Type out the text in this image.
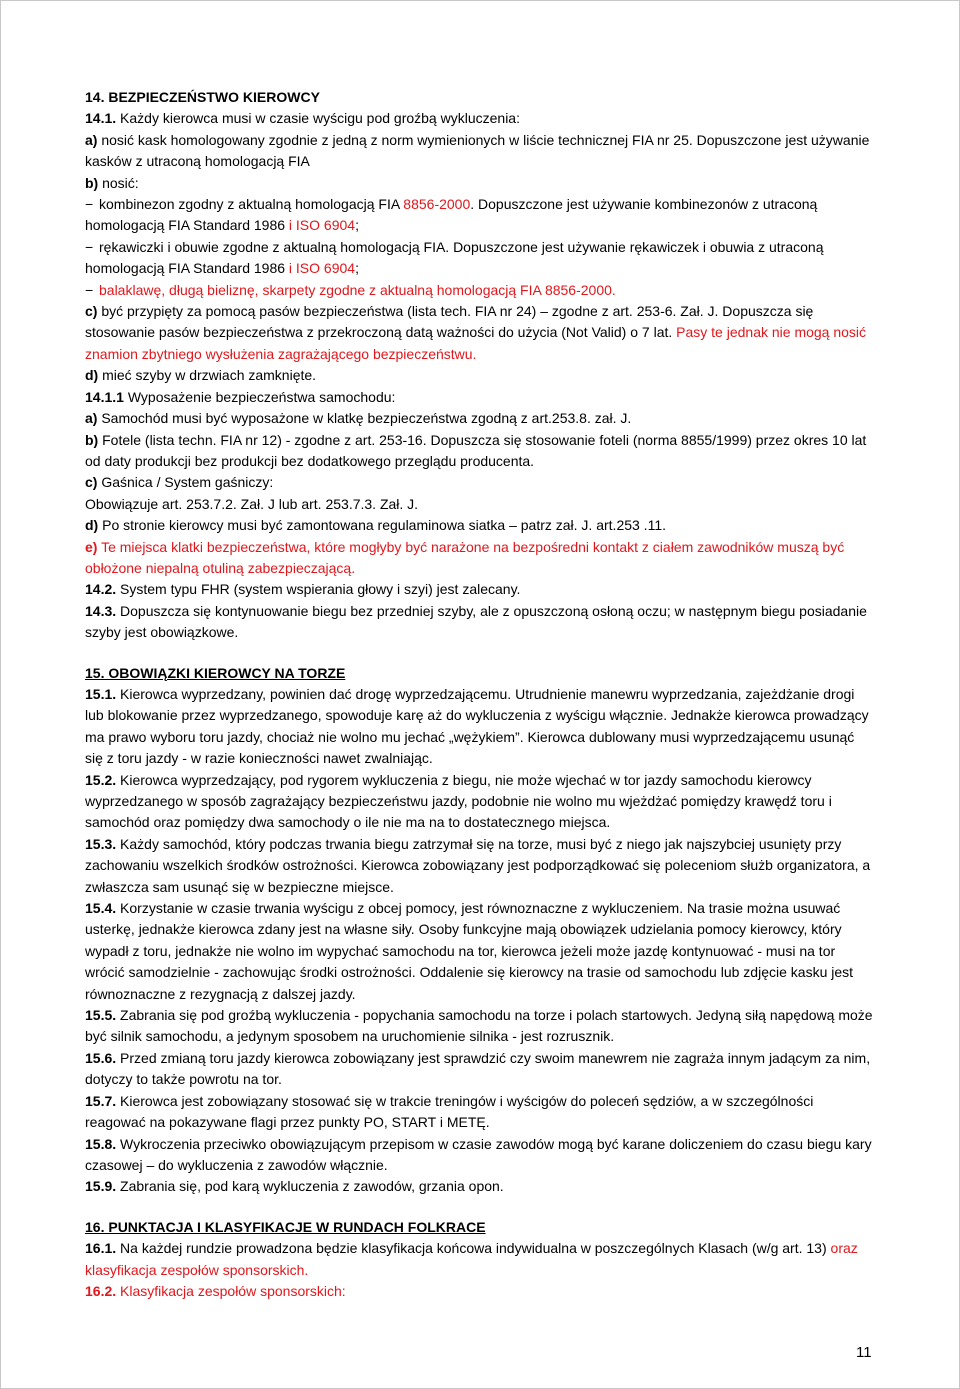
14. BEZPIECZEŃSTWO KIEROWCY

14.1. Każdy kierowca musi w czasie wyścigu pod groźbą wykluczenia:

a) nosić kask homologowany zgodnie z jedną z norm wymienionych w liście technicznej FIA nr 25. Dopuszczone jest używanie kasków z utraconą homologacją FIA

b) nosić:

− kombinezon zgodny z aktualną homologacją FIA 8856-2000. Dopuszczone jest używanie kombinezonów z utraconą homologacją FIA Standard 1986 i ISO 6904;

− rękawiczki i obuwie zgodne z aktualną homologacją FIA. Dopuszczone jest używanie rękawiczek i obuwia z utraconą homologacją FIA Standard 1986 i ISO 6904;

− balaklawę, długą bieliznę, skarpety zgodne z aktualną homologacją FIA 8856-2000.

c) być przypięty za pomocą pasów bezpieczeństwa (lista tech. FIA nr 24) – zgodne z art. 253-6. Zał. J. Dopuszcza się stosowanie pasów bezpieczeństwa z przekroczoną datą ważności do użycia (Not Valid) o 7 lat. Pasy te jednak nie mogą nosić znamion zbytniego wysłużenia zagrażającego bezpieczeństwu.

d) mieć szyby w drzwiach zamknięte.

14.1.1 Wyposażenie bezpieczeństwa samochodu:

a) Samochód musi być wyposażone w klatkę bezpieczeństwa zgodną z art.253.8. zał. J.

b) Fotele (lista techn. FIA nr 12) - zgodne z art. 253-16. Dopuszcza się stosowanie foteli (norma 8855/1999) przez okres 10 lat od daty produkcji bez produkcji bez dodatkowego przeglądu producenta.

c) Gaśnica / System gaśniczy:

Obowiązuje art. 253.7.2. Zał. J lub art. 253.7.3. Zał. J.

d) Po stronie kierowcy musi być zamontowana regulaminowa siatka – patrz zał. J. art.253 .11.

e) Te miejsca klatki bezpieczeństwa, które mogłyby być narażone na bezpośredni kontakt z ciałem zawodników muszą być obłożone niepalną otuliną zabezpieczającą.

14.2. System typu FHR (system wspierania głowy i szyi) jest zalecany.

14.3. Dopuszcza się kontynuowanie biegu bez przedniej szyby, ale z opuszczoną osłoną oczu; w następnym biegu posiadanie szyby jest obowiązkowe.

15. OBOWIĄZKI KIEROWCY NA TORZE

15.1. Kierowca wyprzedzany, powinien dać drogę wyprzedzającemu. Utrudnienie manewru wyprzedzania, zajeżdżanie drogi lub blokowanie przez wyprzedzanego, spowoduje karę aż do wykluczenia z wyścigu włącznie. Jednakże kierowca prowadzący ma prawo wyboru toru jazdy, chociaż nie wolno mu jechać „wężykiem”. Kierowca dublowany musi wyprzedzającemu usunąć się z toru jazdy - w razie konieczności nawet zwalniając.

15.2. Kierowca wyprzedzający, pod rygorem wykluczenia z biegu, nie może wjechać w tor jazdy samochodu kierowcy wyprzedzanego w sposób zagrażający bezpieczeństwu jazdy, podobnie nie wolno mu wjeżdżać pomiędzy krawędź toru i samochód oraz pomiędzy dwa samochody o ile nie ma na to dostatecznego miejsca.

15.3. Każdy samochód, który podczas trwania biegu zatrzymał się na torze, musi być z niego jak najszybciej usunięty przy zachowaniu wszelkich środków ostrożności. Kierowca zobowiązany jest podporządkować się poleceniom służb organizatora, a zwłaszcza sam usunąć się w bezpieczne miejsce.

15.4. Korzystanie w czasie trwania wyścigu z obcej pomocy, jest równoznaczne z wykluczeniem. Na trasie można usuwać usterkę, jednakże kierowca zdany jest na własne siły. Osoby funkcyjne mają obowiązek udzielania pomocy kierowcy, który wypadł z toru, jednakże nie wolno im wypychać samochodu na tor, kierowca jeżeli może jazdę kontynuować - musi na tor wrócić samodzielnie - zachowując środki ostrożności. Oddalenie się kierowcy na trasie od samochodu lub zdjęcie kasku jest równoznaczne z rezygnacją z dalszej jazdy.

15.5. Zabrania się pod groźbą wykluczenia - popychania samochodu na torze i polach startowych. Jedyną siłą napędową może być silnik samochodu, a jedynym sposobem na uruchomienie silnika - jest rozrusznik.

15.6. Przed zmianą toru jazdy kierowca zobowiązany jest sprawdzić czy swoim manewrem nie zagraża innym jadącym za nim, dotyczy to także powrotu na tor.

15.7. Kierowca jest zobowiązany stosować się w trakcie treningów i wyścigów do poleceń sędziów, a w szczególności reagować na pokazywane flagi przez punkty PO, START i METĘ.

15.8. Wykroczenia przeciwko obowiązującym przepisom w czasie zawodów mogą być karane doliczeniem do czasu biegu kary czasowej – do wykluczenia z zawodów włącznie.

15.9. Zabrania się, pod karą wykluczenia z zawodów, grzania opon.

16. PUNKTACJA I KLASYFIKACJE W RUNDACH FOLKRACE

16.1. Na każdej rundzie prowadzona będzie klasyfikacja końcowa indywidualna w poszczególnych Klasach (w/g art. 13) oraz klasyfikacja zespołów sponsorskich.

16.2. Klasyfikacja zespołów sponsorskich:

11
